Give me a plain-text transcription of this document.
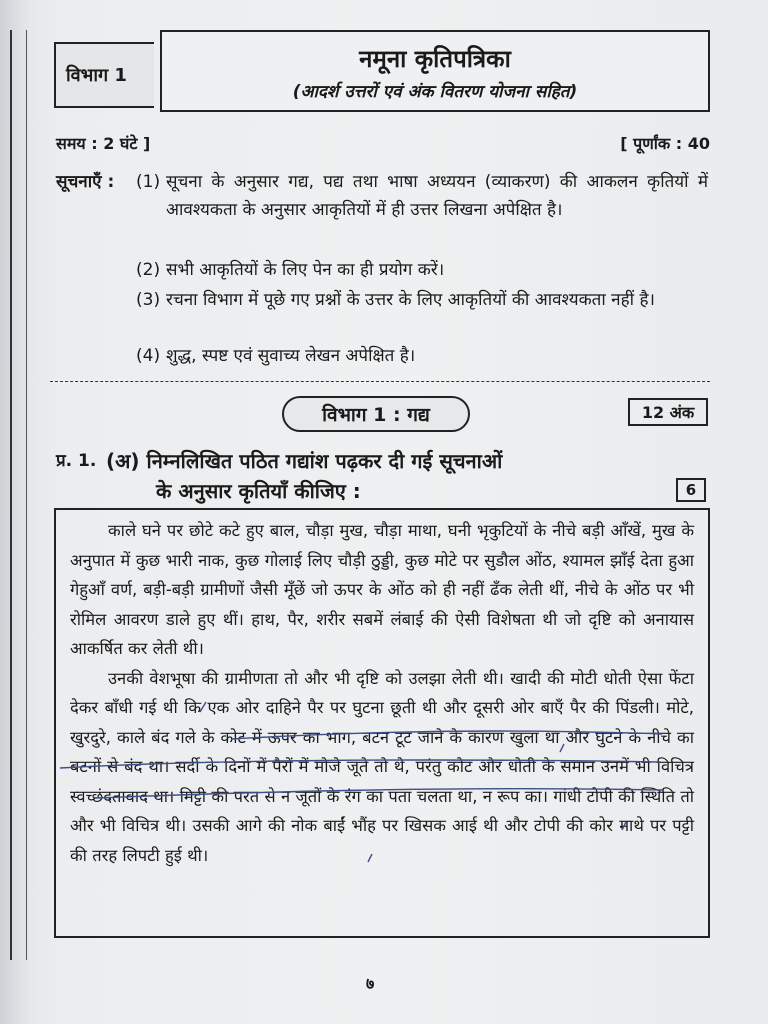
विभाग 1
नमूना कृतिपत्रिका
(आदर्श उत्तरों एवं अंक वितरण योजना सहित)
समय : 2 घंटे ]	[ पूर्णांक : 40
सूचनाएँ : (1) सूचना के अनुसार गद्य, पद्य तथा भाषा अध्ययन (व्याकरण) की आकलन कृतियों में आवश्यकता के अनुसार आकृतियों में ही उत्तर लिखना अपेक्षित है।
(2) सभी आकृतियों के लिए पेन का ही प्रयोग करें।
(3) रचना विभाग में पूछे गए प्रश्नों के उत्तर के लिए आकृतियों की आवश्यकता नहीं है।
(4) शुद्ध, स्पष्ट एवं सुवाच्य लेखन अपेक्षित है।
विभाग 1 : गद्य	12 अंक
प्र. 1. (अ) निम्नलिखित पठित गद्यांश पढ़कर दी गई सूचनाओं
के अनुसार कृतियाँ कीजिए :	6

काले घने पर छोटे कटे हुए बाल, चौड़ा मुख, चौड़ा माथा, घनी भृकुटियों के नीचे बड़ी आँखें, मुख के अनुपात में कुछ भारी नाक, कुछ गोलाई लिए चौड़ी ठुड्डी, कुछ मोटे पर सुडौल ओंठ, श्यामल झाँई देता हुआ गेहुआँ वर्ण, बड़ी-बड़ी ग्रामीणों जैसी मूँछें जो ऊपर के ओंठ को ही नहीं ढँक लेती थीं, नीचे के ओंठ पर भी रोमिल आवरण डाले हुए थीं। हाथ, पैर, शरीर सबमें लंबाई की ऐसी विशेषता थी जो दृष्टि को अनायास आकर्षित कर लेती थी।

उनकी वेशभूषा की ग्रामीणता तो और भी दृष्टि को उलझा लेती थी। खादी की मोटी धोती ऐसा फेंटा देकर बाँधी गई थी कि एक ओर दाहिने पैर पर घुटना छूती थी और दूसरी ओर बाएँ पैर की पिंडली। मोटे, खुरदुरे, काले बंद गले के कोट में ऊपर का भाग, बटन टूट जाने के कारण खुला था और घुटने के नीचे का बटनों से बंद था। सर्दी के दिनों में पैरों में मोजे जूते तो थे, परंतु कोट और धोती के समान उनमें भी विचित्र स्वच्छंदतावाद था। मिट्टी की परत से न जूतों के रंग का पता चलता था, न रूप का। गांधी टोपी की स्थिति तो और भी विचित्र थी। उसकी आगे की नोक बाईं भौंह पर खिसक आई थी और टोपी की कोर माथे पर पट्टी की तरह लिपटी हुई थी।

७
